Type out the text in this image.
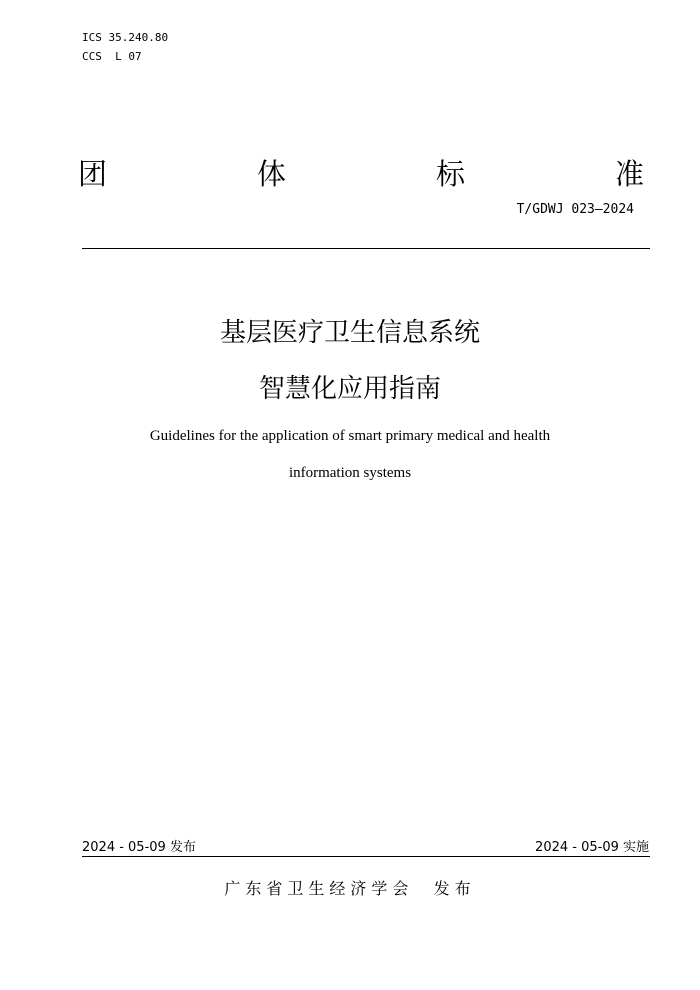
ICS 35.240.80
CCS  L 07
团	体	标	准
T/GDWJ 023—2024
基层医疗卫生信息系统
智慧化应用指南
Guidelines for the application of smart primary medical and health
information systems
2024 - 05-09 发布	2024 - 05-09 实施
广东省卫生经济学会  发布
